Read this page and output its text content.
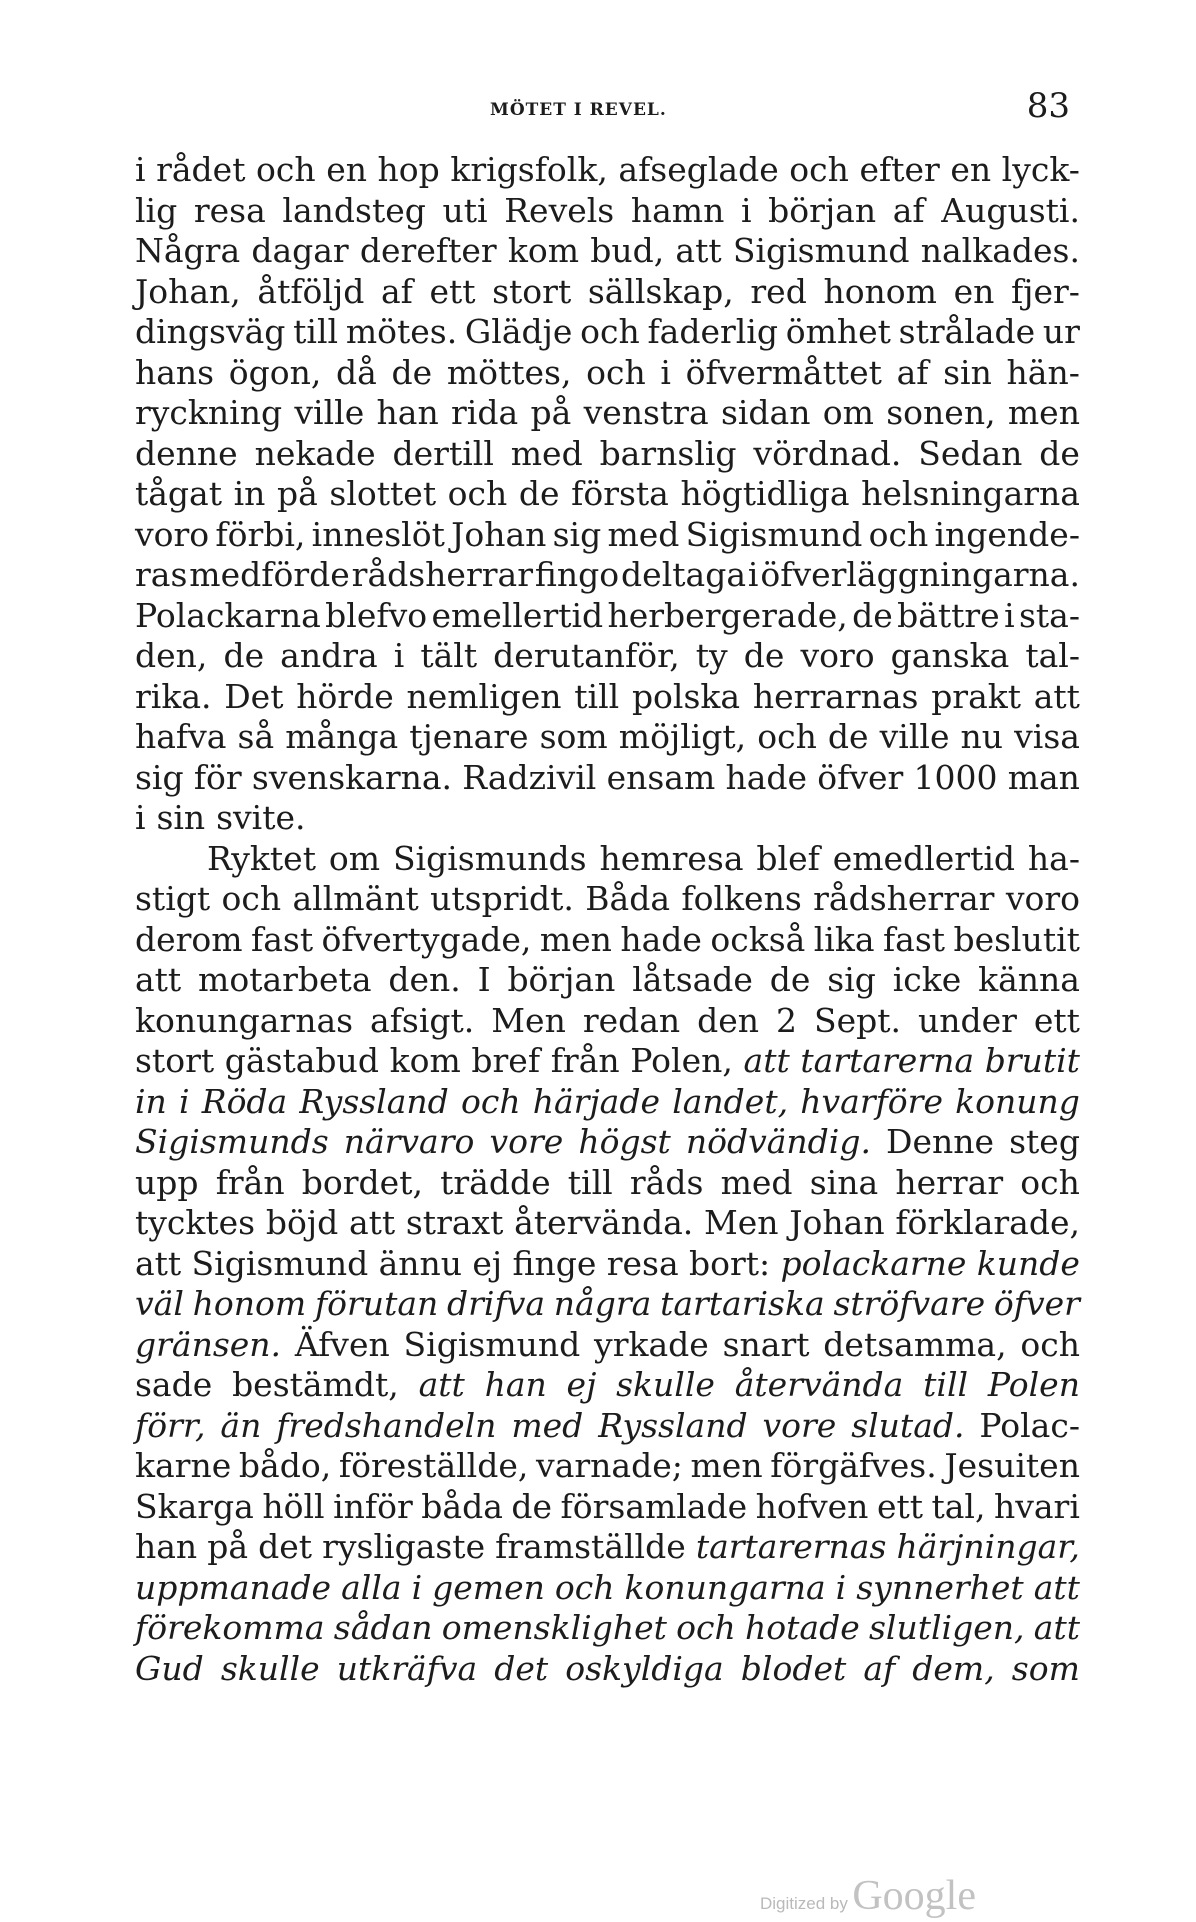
MÖTET I REVEL.	83
i rådet och en hop krigsfolk, afseglade och efter en lyck-
lig resa landsteg uti Revels hamn i början af Augusti.
Några dagar derefter kom bud, att Sigismund nalkades.
Johan, åtföljd af ett stort sällskap, red honom en fjer-
dingsväg till mötes. Glädje och faderlig ömhet strålade ur
hans ögon, då de möttes, och i öfvermåttet af sin hän-
ryckning ville han rida på venstra sidan om sonen, men
denne nekade dertill med barnslig vördnad. Sedan de
tågat in på slottet och de första högtidliga helsningarna
voro förbi, inneslöt Johan sig med Sigismund och ingende-
ras medförde rådsherrar fingo deltaga i öfverläggningarna.
Polackarna blefvo emellertid herbergerade, de bättre i sta-
den, de andra i tält derutanför, ty de voro ganska tal-
rika. Det hörde nemligen till polska herrarnas prakt att
hafva så många tjenare som möjligt, och de ville nu visa
sig för svenskarna. Radzivil ensam hade öfver 1000 man
i sin svite.
Ryktet om Sigismunds hemresa blef emedlertid ha-
stigt och allmänt utspridt. Båda folkens rådsherrar voro
derom fast öfvertygade, men hade också lika fast beslutit
att motarbeta den. I början låtsade de sig icke känna
konungarnas afsigt. Men redan den 2 Sept. under ett
stort gästabud kom bref från Polen, att tartarerna brutit
in i Röda Ryssland och härjade landet, hvarföre konung
Sigismunds närvaro vore högst nödvändig. Denne steg
upp från bordet, trädde till råds med sina herrar och
tycktes böjd att straxt återvända. Men Johan förklarade,
att Sigismund ännu ej finge resa bort: polackarne kunde
väl honom förutan drifva några tartariska ströfvare öfver
gränsen. Äfven Sigismund yrkade snart detsamma, och
sade bestämdt, att han ej skulle återvända till Polen
förr, än fredshandeln med Ryssland vore slutad. Polac-
karne bådo, föreställde, varnade; men förgäfves. Jesuiten
Skarga höll inför båda de församlade hofven ett tal, hvari
han på det rysligaste framställde tartarernas härjningar,
uppmanade alla i gemen och konungarna i synnerhet att
förekomma sådan omensklighet och hotade slutligen, att
Gud skulle utkräfva det oskyldiga blodet af dem, som
Digitized by Google
